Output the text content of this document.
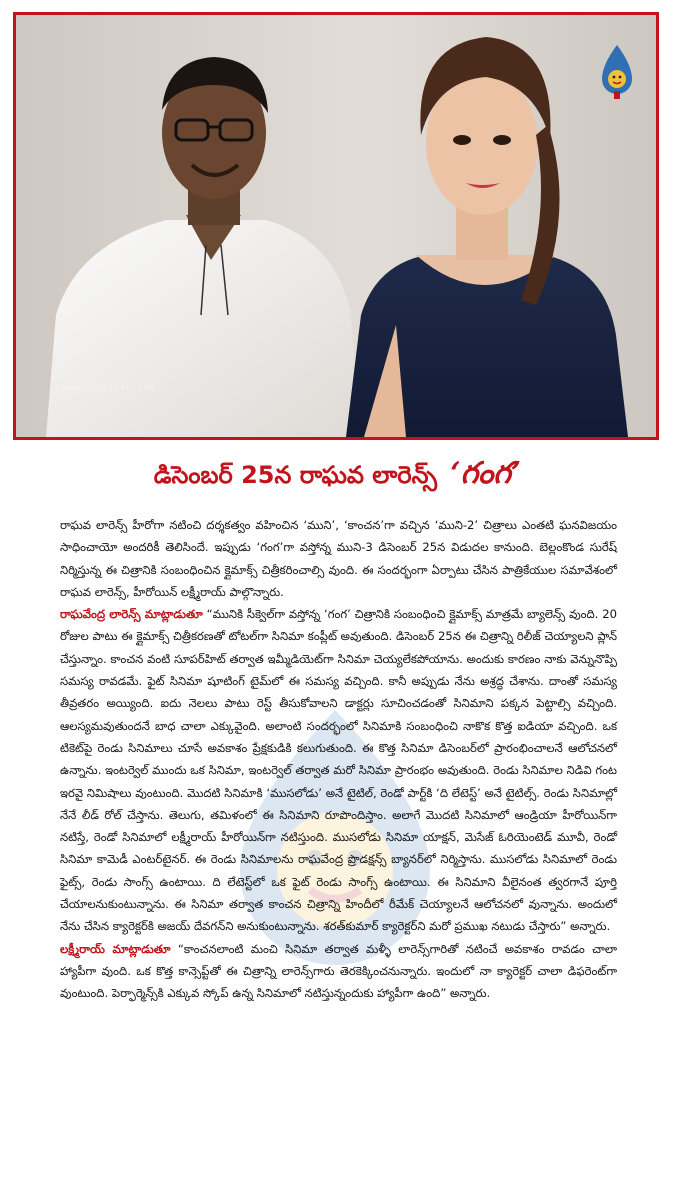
www.cinejosh.com
డిసెంబర్ 25న రాఘవ లారెన్స్ ‘గంగ’

రాఘవ లారెన్స్ హీరోగా నటించి దర్శకత్వం వహించిన ‘ముని’, ‘కాంచన’గా వచ్చిన ‘ముని-2’ చిత్రాలు ఎంతటి ఘనవిజయం సాధించాయో అందరికీ తెలిసిందే. ఇప్పుడు ‘గంగ’గా వస్తోన్న ముని-3 డిసెంబర్ 25న విడుదల కానుంది. బెల్లంకొండ సురేష్ నిర్మిస్తున్న ఈ చిత్రానికి సంబంధించిన క్లైమాక్స్ చిత్రీకరించాల్సి వుంది. ఈ సందర్భంగా ఏర్పాటు చేసిన పాత్రికేయుల సమావేశంలో రాఘవ లారెన్స్, హీరోయిన్ లక్ష్మీరాయ్ పాల్గొన్నారు.

రాఘవేంద్ర లారెన్స్ మాట్లాడుతూ “మునికి సీక్వెల్‌గా వస్తోన్న ‘గంగ’ చిత్రానికి సంబంధించి క్లైమాక్స్ మాత్రమే బ్యాలెన్స్ వుంది. 20 రోజుల పాటు ఈ క్లైమాక్స్ చిత్రీకరణతో టోటల్‌గా సినిమా కంప్లీట్ అవుతుంది. డిసెంబర్ 25న ఈ చిత్రాన్ని రిలీజ్ చెయ్యాలని ప్లాన్ చేస్తున్నాం. కాంచన వంటి సూపర్‌హిట్ తర్వాత ఇమ్మీడియెట్‌గా సినిమా చెయ్యలేకపోయాను. అందుకు కారణం నాకు వెన్నునొప్పి సమస్య రావడమే. ఫైట్ సినిమా షూటింగ్ టైమ్‌లో ఈ సమస్య వచ్చింది. కానీ అప్పుడు నేను అశ్రద్ధ చేశాను. దాంతో సమస్య తీవ్రతరం అయ్యింది. ఐదు నెలలు పాటు రెస్ట్ తీసుకోవాలని డాక్టర్లు సూచించడంతో సినిమాని పక్కన పెట్టాల్సి వచ్చింది. ఆలస్యమవుతుందనే బాధ చాలా ఎక్కువైంది. అలాంటి సందర్భంలో సినిమాకి సంబంధించి నాకొక కొత్త ఐడియా వచ్చింది. ఒక టికెట్‌పై రెండు సినిమాలు చూసే అవకాశం ప్రేక్షకుడికి కలుగుతుంది. ఈ కొత్త సినిమా డిసెంబర్‌లో ప్రారంభించాలనే ఆలోచనలో ఉన్నాను. ఇంటర్వెల్ ముందు ఒక సినిమా, ఇంటర్వెల్ తర్వాత మరో సినిమా ప్రారంభం అవుతుంది. రెండు సినిమాల నిడివి గంట ఇరవై నిమిషాలు వుంటుంది. మొదటి సినిమాకి ‘ముసలోడు’ అనే టైటిల్, రెండో పార్ట్‌కి ‘ది లేటెస్ట్’ అనే టైటిల్స్. రెండు సినిమాల్లో నేనే లీడ్ రోల్ చేస్తాను. తెలుగు, తమిళంలో ఈ సినిమాని రూపొందిస్తాం. అలాగే మొదటి సినిమాలో ఆండ్రియా హీరోయిన్‌గా నటిస్తే, రెండో సినిమాలో లక్ష్మీరాయ్ హీరోయిన్‌గా నటిస్తుంది. ముసలోడు సినిమా యాక్షన్, మెసేజ్ ఓరియెంటెడ్ మూవీ, రెండో సినిమా కామెడీ ఎంటర్‌టైనర్. ఈ రెండు సినిమాలను రాఘవేంద్ర ప్రొడక్షన్స్ బ్యానర్‌లో నిర్మిస్తాను. ముసలోడు సినిమాలో రెండు ఫైట్స్, రెండు సాంగ్స్ ఉంటాయి. ది లేటెస్ట్‌లో ఒక ఫైట్ రెండు సాంగ్స్ ఉంటాయి. ఈ సినిమాని వీలైనంత త్వరగానే పూర్తి చేయాలనుకుంటున్నాను. ఈ సినిమా తర్వాత కాంచన చిత్రాన్ని హిందీలో రీమేక్ చెయ్యాలనే ఆలోచనలో వున్నాను. అందులో నేను చేసిన క్యారెక్టర్‌కి అజయ్ దేవగన్‌ని అనుకుంటున్నాను. శరత్‌కుమార్ క్యారెక్టర్‌ని మరో ప్రముఖ నటుడు చేస్తారు” అన్నారు.

లక్ష్మీరాయ్ మాట్లాడుతూ “కాంచనలాంటి మంచి సినిమా తర్వాత మళ్ళీ లారెన్స్‌గారితో నటించే అవకాశం రావడం చాలా హ్యాపీగా వుంది. ఒక కొత్త కాన్సెప్ట్‌తో ఈ చిత్రాన్ని లారెన్స్‌గారు తెరకెక్కించనున్నారు. ఇందులో నా క్యారెక్టర్ చాలా డిఫరెంట్‌గా వుంటుంది. పెర్ఫార్మెన్స్‌కి ఎక్కువ స్కోప్ ఉన్న సినిమాలో నటిస్తున్నందుకు హ్యాపీగా ఉంది” అన్నారు.
